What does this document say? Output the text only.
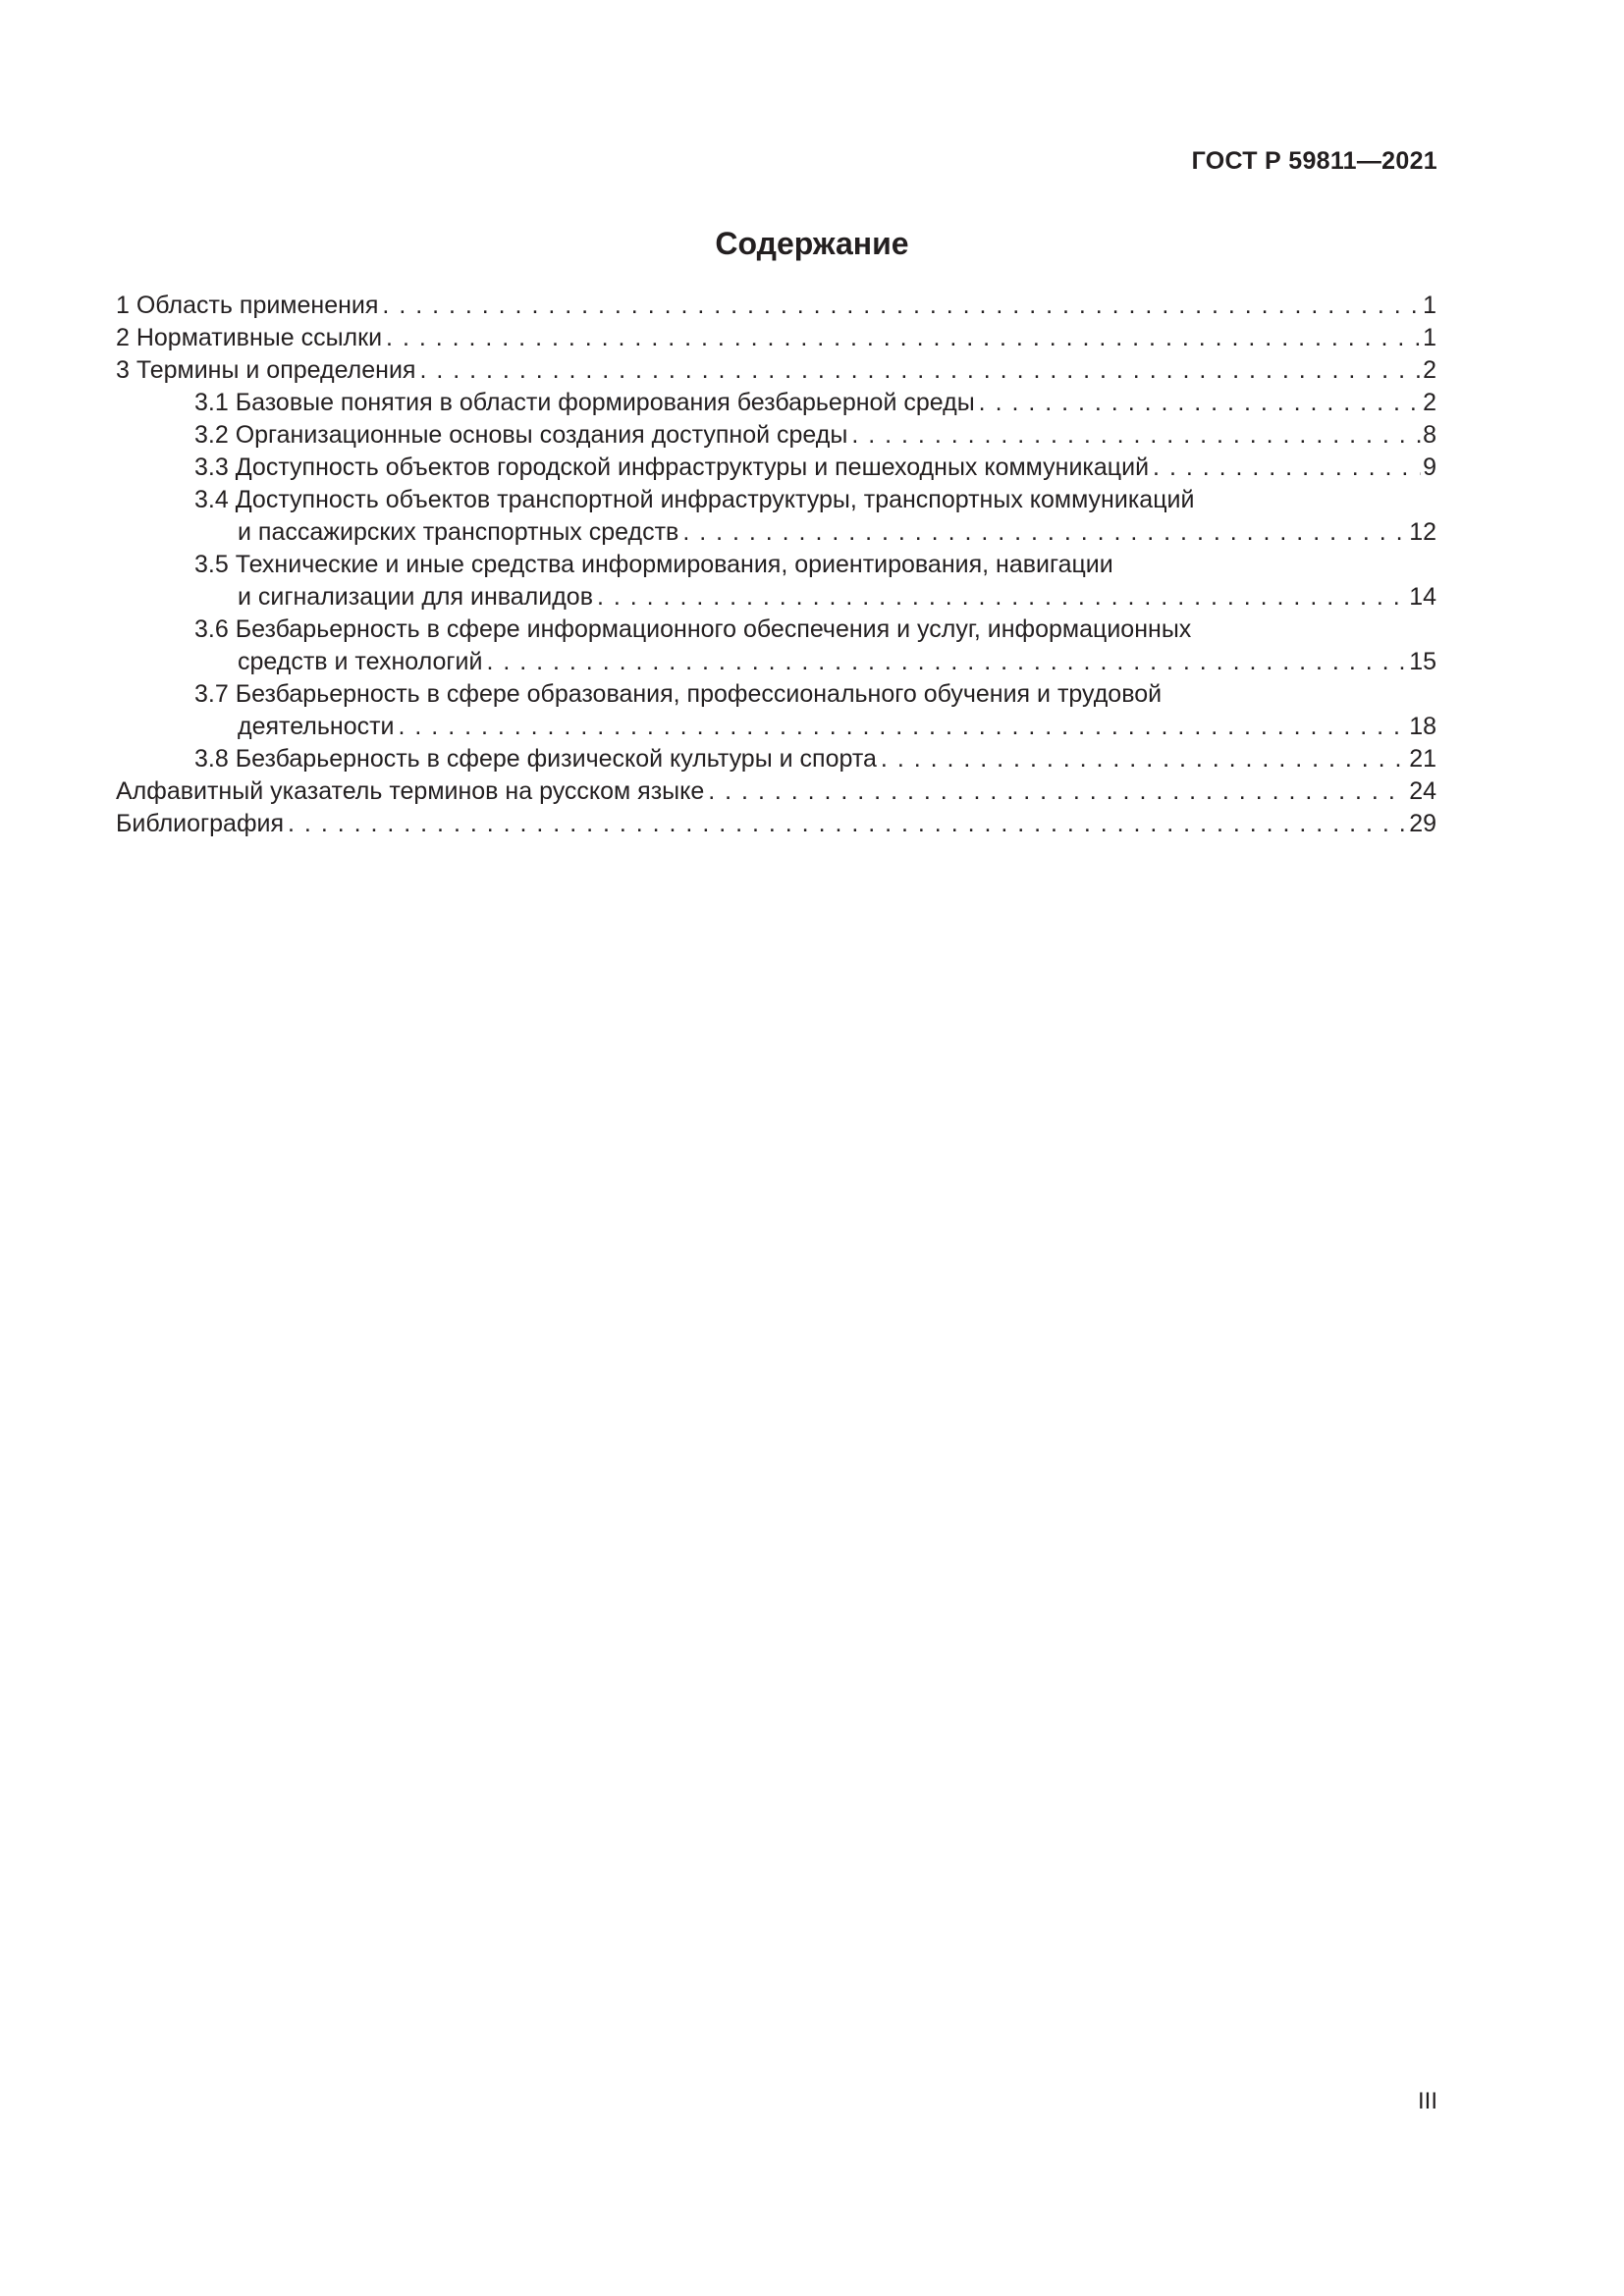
ГОСТ Р 59811—2021
Содержание
1 Область применения . . .	1
2 Нормативные ссылки . . .	1
3 Термины и определения . . .	2
3.1 Базовые понятия в области формирования безбарьерной среды . . .	2
3.2 Организационные основы создания доступной среды . . .	8
3.3 Доступность объектов городской инфраструктуры и пешеходных коммуникаций . . .	9
3.4 Доступность объектов транспортной инфраструктуры, транспортных коммуникаций
и пассажирских транспортных средств . . .	12
3.5 Технические и иные средства информирования, ориентирования, навигации
и сигнализации для инвалидов . . .	14
3.6 Безбарьерность в сфере информационного обеспечения и услуг, информационных
средств и технологий . . .	15
3.7 Безбарьерность в сфере образования, профессионального обучения и трудовой
деятельности . . .	18
3.8 Безбарьерность в сфере физической культуры и спорта . . .	21
Алфавитный указатель терминов на русском языке . . .	24
Библиография . . .	29
III
